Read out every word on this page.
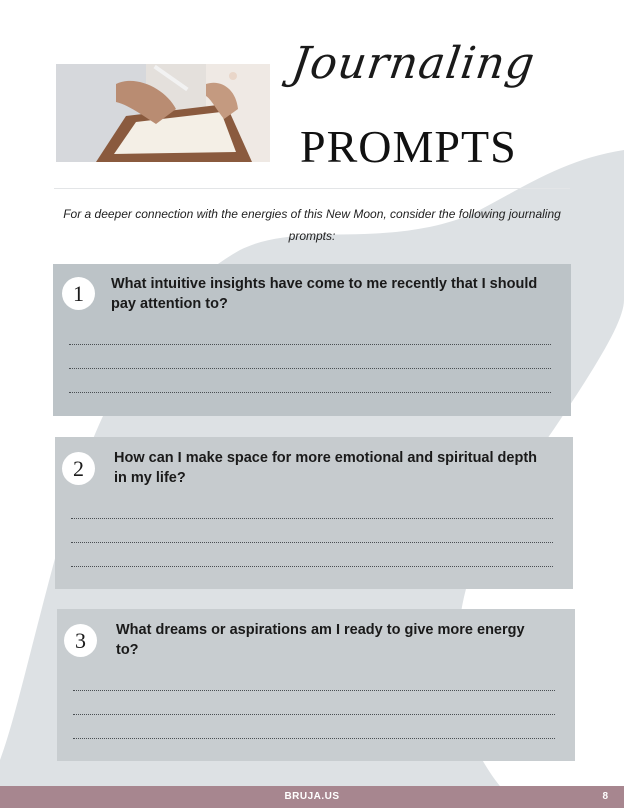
Journaling
PROMPTS

For a deeper connection with the energies of this New Moon, consider the following journaling prompts:

1	What intuitive insights have come to me recently that I should pay attention to?
2	How can I make space for more emotional and spiritual depth in my life?
3	What dreams or aspirations am I ready to give more energy to?
BRUJA.US	8
